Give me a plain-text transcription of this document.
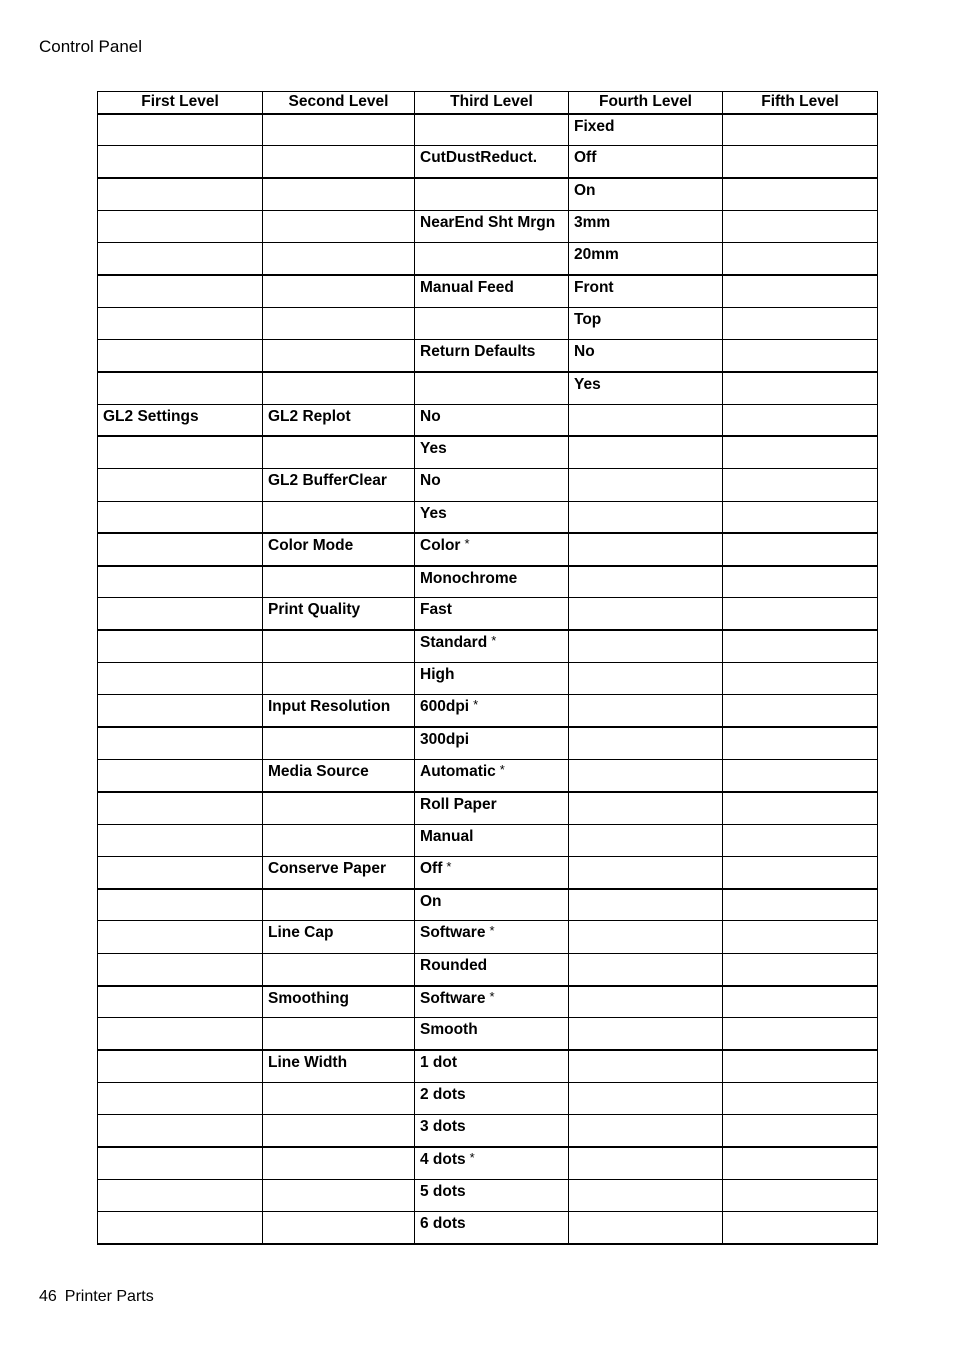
Control Panel
First Level	Second Level	Third Level	Fourth Level	Fifth Level
			Fixed	
		CutDustReduct.	Off	
			On	
		NearEnd Sht Mrgn	3mm	
			20mm	
		Manual Feed	Front	
			Top	
		Return Defaults	No	
			Yes	
GL2 Settings	GL2 Replot	No		
		Yes		
	GL2 BufferClear	No		
		Yes		
	Color Mode	Color *		
		Monochrome		
	Print Quality	Fast		
		Standard *		
		High		
	Input Resolution	600dpi *		
		300dpi		
	Media Source	Automatic *		
		Roll Paper		
		Manual		
	Conserve Paper	Off *		
		On		
	Line Cap	Software *		
		Rounded		
	Smoothing	Software *		
		Smooth		
	Line Width	1 dot		
		2 dots		
		3 dots		
		4 dots *		
		5 dots		
		6 dots		
46 Printer Parts
